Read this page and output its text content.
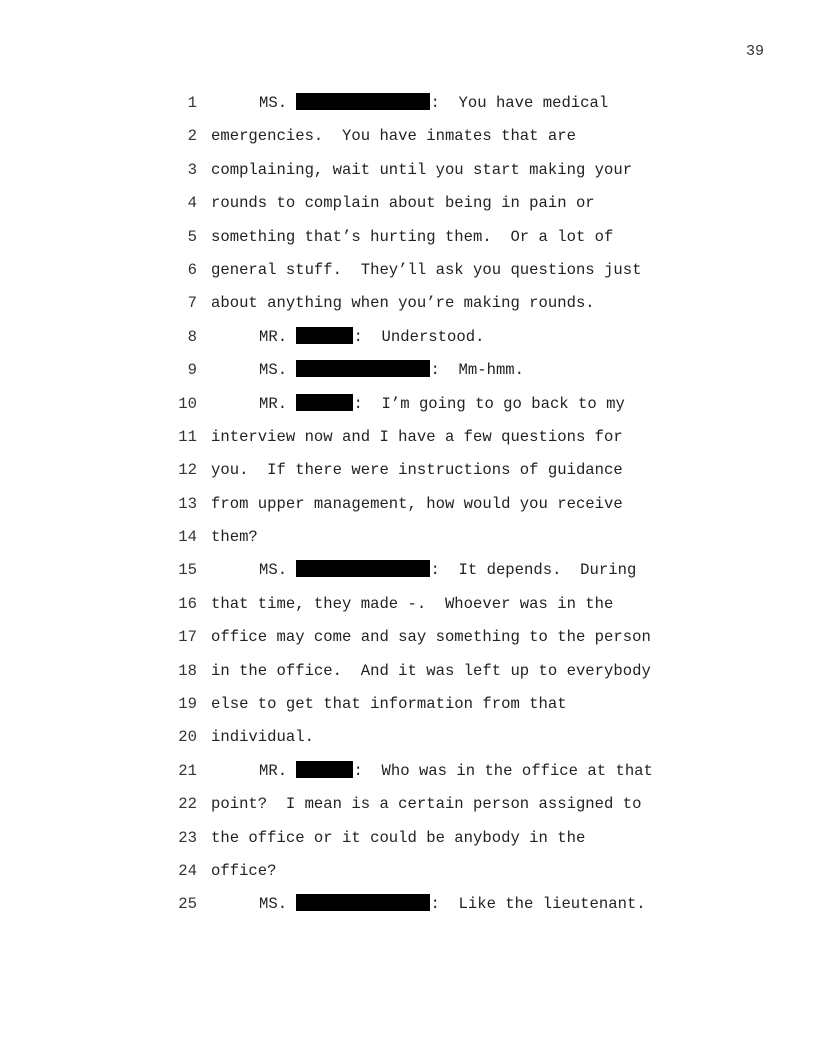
39
1	MS.	:  You have medical
2 emergencies.  You have inmates that are
3 complaining, wait until you start making your
4 rounds to complain about being in pain or
5 something that’s hurting them.  Or a lot of
6 general stuff.  They’ll ask you questions just
7 about anything when you’re making rounds.
8	MR.	:  Understood.
9	MS.	:  Mm-hmm.
10	MR.	:  I’m going to go back to my
11 interview now and I have a few questions for
12 you.  If there were instructions of guidance
13 from upper management, how would you receive
14 them?
15	MS.	:  It depends.  During
16 that time, they made -.  Whoever was in the
17 office may come and say something to the person
18 in the office.  And it was left up to everybody
19 else to get that information from that
20 individual.
21	MR.	:  Who was in the office at that
22 point?  I mean is a certain person assigned to
23 the office or it could be anybody in the
24 office?
25	MS.	:  Like the lieutenant.
